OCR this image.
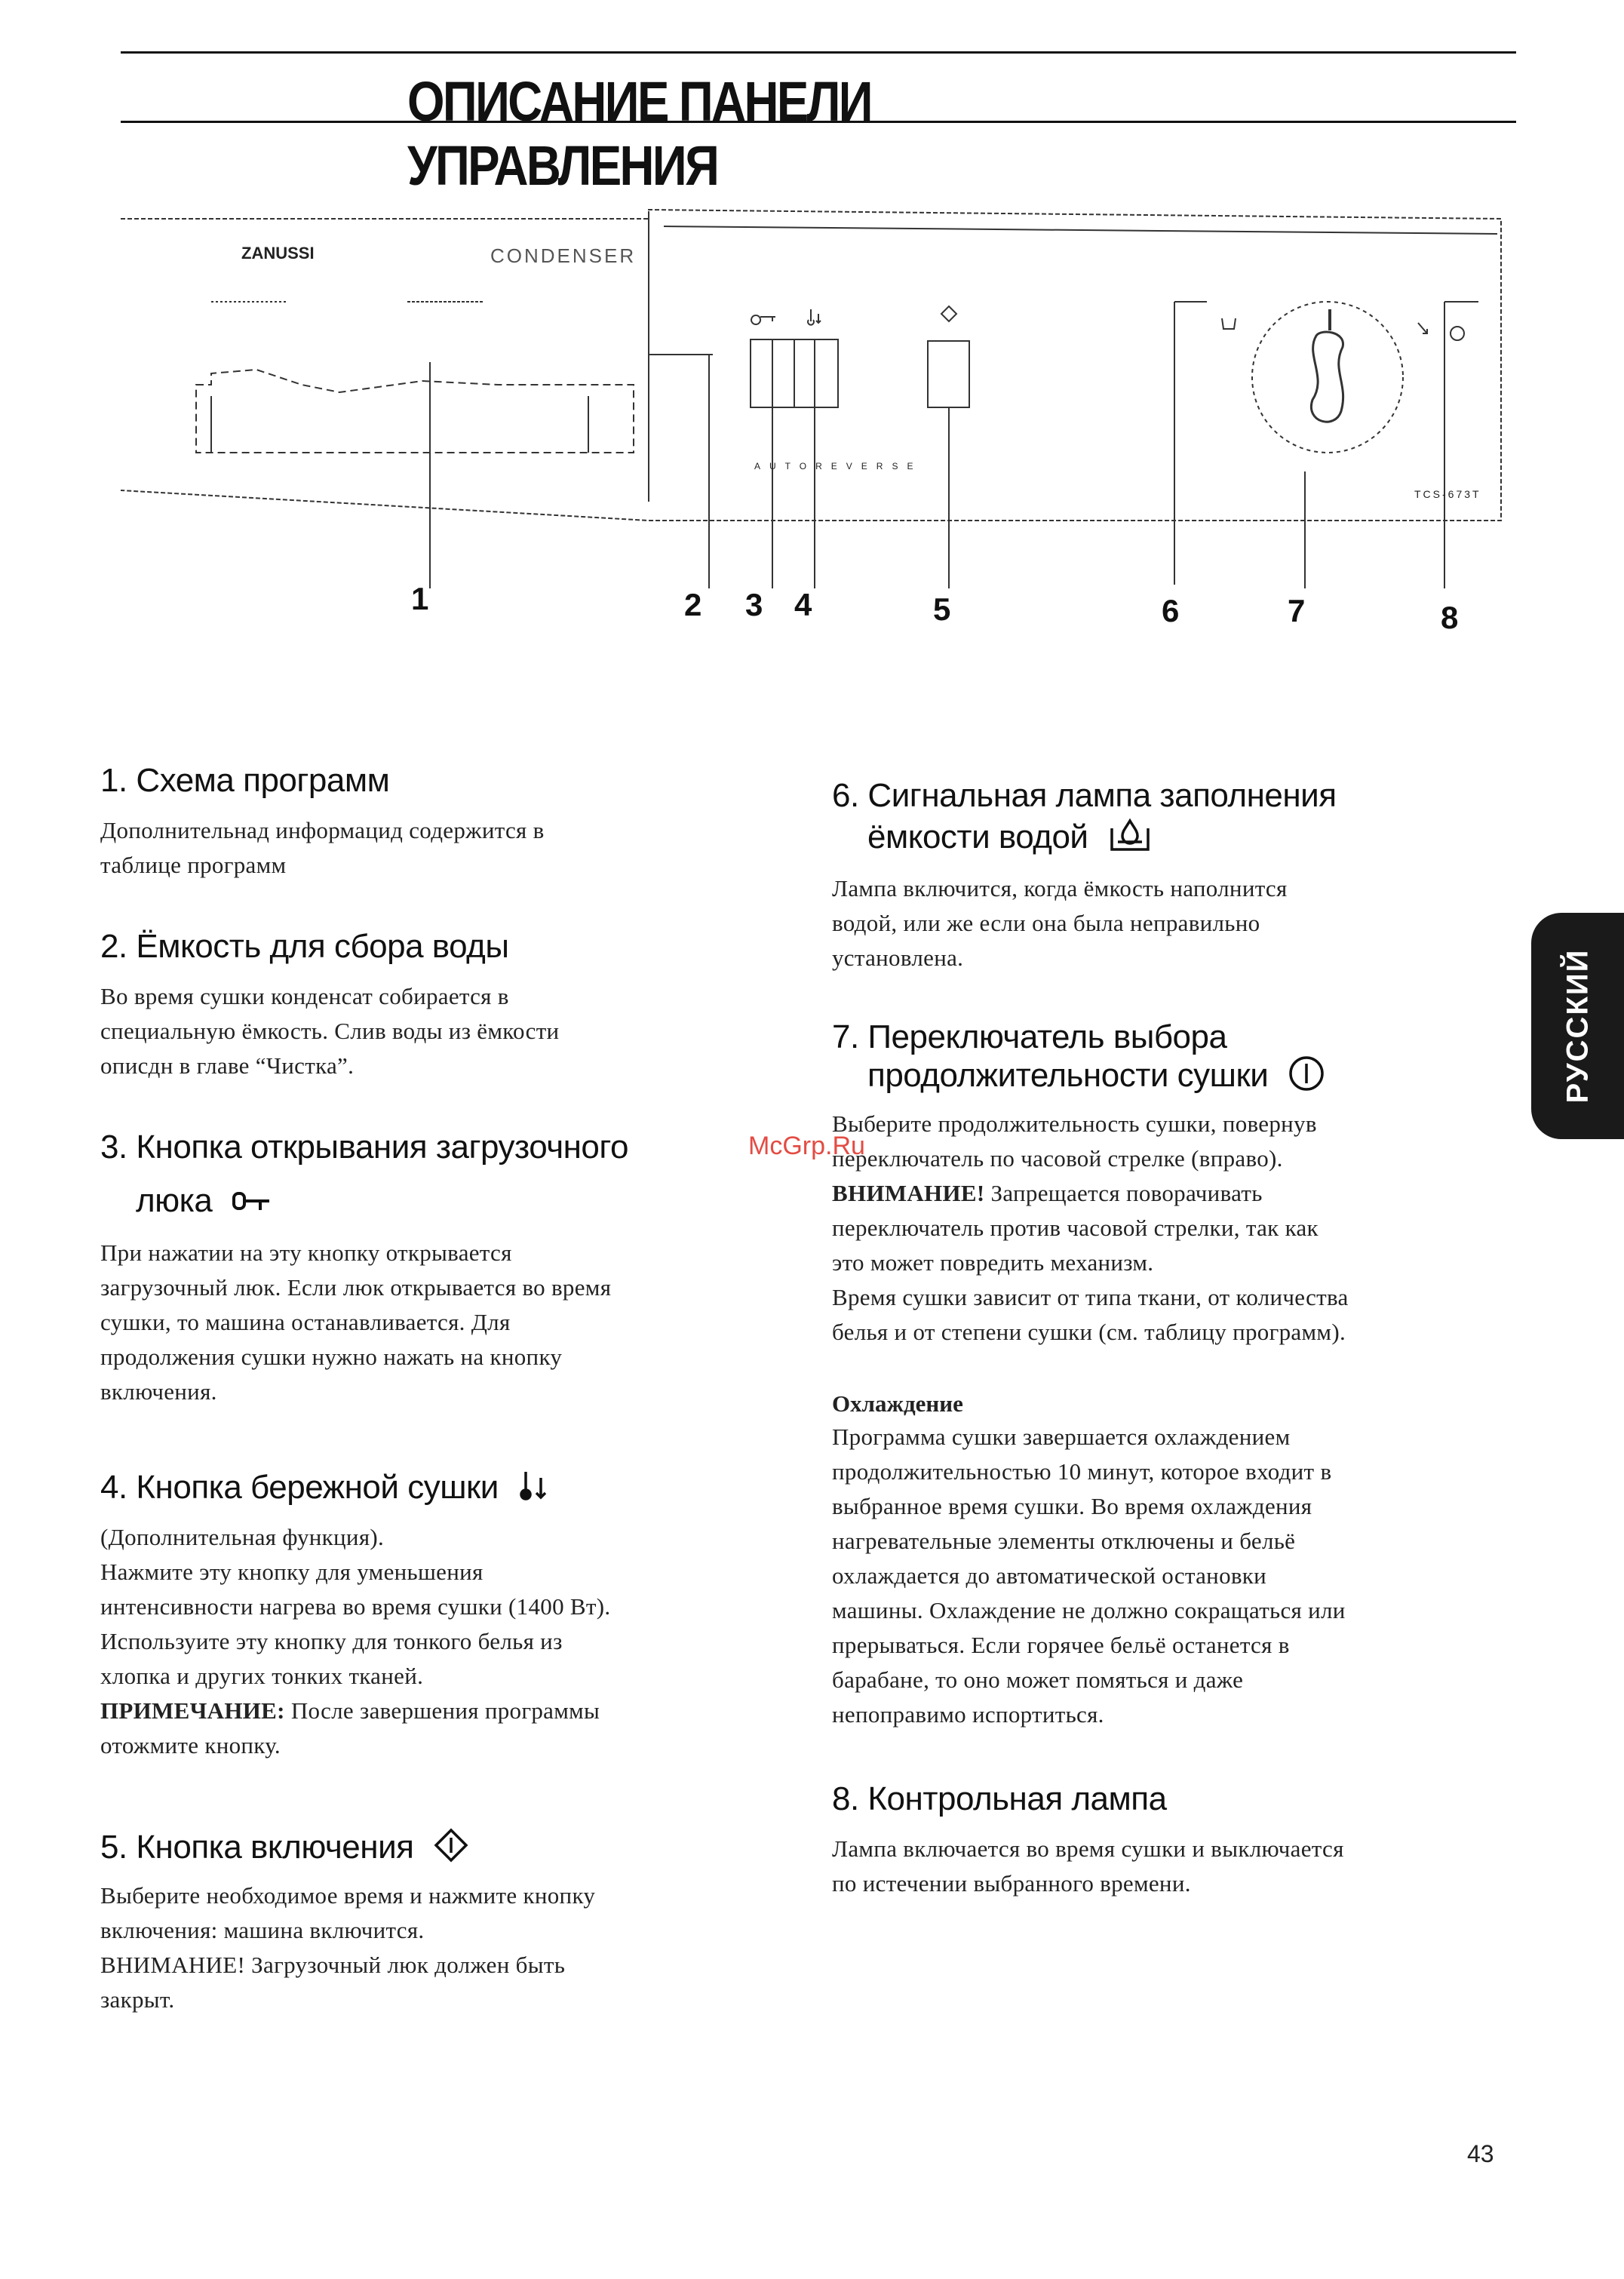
ОПИСАНИЕ ПАНЕЛИ УПРАВЛЕНИЯ
ZANUSSI	CONDENSER
AUTOREVERSE
TCS-673T
1	2 3 4	5	6	7	8
1. Схема программ
Дополнительнад информацид содержится в
таблице программ
2. Ёмкость для сбора воды
Во время сушки конденсат собирается в
специальную ёмкость. Слив воды из ёмкости
описдн в главе “Чистка”.
3. Кнопка открывания загрузочного
люка
При нажатии на эту кнопку открывается
загрузочный люк. Если люк открывается во время
сушки, то машина останавливается. Для
продолжения сушки нужно нажать на кнопку
включения.
4. Кнопка бережной сушки
(Дополнительная функция).
Нажмите эту кнопку для уменьшения
интенсивности нагрева во время сушки (1400 Вт).
Используите эту кнопку для тонкого белья из
хлопка и других тонких тканей.
ПРИМЕЧАНИЕ: После завершения программы
отожмите кнопку.
5. Кнопка включения
Выберите необходимое время и нажмите кнопку
включения: машина включится.
ВНИМАНИЕ! Загрузочный люк должен быть
закрыт.
6. Сигнальная лампа заполнения
ёмкости водой
Лампа включится, когда ёмкость наполнится
водой, или же если она была неправильно
установлена.
7. Переключатель выбора
продолжительности сушки
Выберите продолжительность сушки, повернув
переключатель по часовой стрелке (вправо).
ВНИМАНИЕ! Запрещается поворачивать
переключатель против часовой стрелки, так как
это может повредить механизм.
Время сушки зависит от типа ткани, от количества
белья и от степени сушки (см. таблицу программ).
Охлаждение
Программа сушки завершается охлаждением
продолжительностью 10 минут, которое входит в
выбранное время сушки. Во время охлаждения
нагревательные элементы отключены и бельё
охлаждается до автоматической остановки
машины. Охлаждение не должно сокращаться или
прерываться. Если горячее бельё останется в
барабане, то оно может помяться и даже
непоправимо испортиться.
8. Контрольная лампа
Лампа включается во время сушки и выключается
по истечении выбранного времени.
РУССКИЙ
McGrp.Ru
43
